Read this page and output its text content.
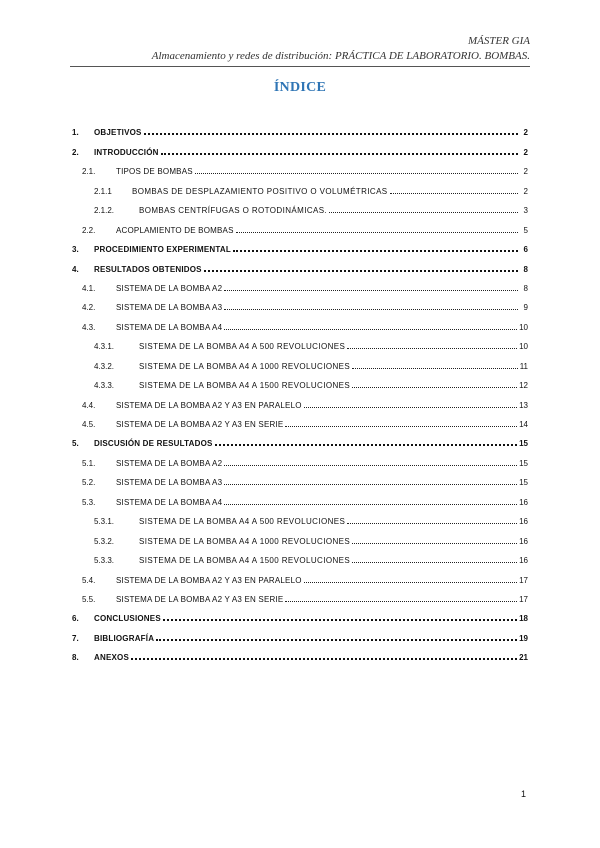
MÁSTER GIA
Almacenamiento y redes de distribución: PRÁCTICA DE LABORATORIO. BOMBAS.
ÍNDICE
1.	OBJETIVOS	2
2.	INTRODUCCIÓN	2
2.1.	TIPOS DE BOMBAS	2
2.1.1	BOMBAS DE DESPLAZAMIENTO POSITIVO O VOLUMÉTRICAS	2
2.1.2.	BOMBAS CENTRÍFUGAS O ROTODINÁMICAS.	3
2.2.	ACOPLAMIENTO DE BOMBAS	5
3.	PROCEDIMIENTO EXPERIMENTAL	6
4.	RESULTADOS OBTENIDOS	8
4.1.	SISTEMA DE LA BOMBA A2	8
4.2.	SISTEMA DE LA BOMBA A3	9
4.3.	SISTEMA DE LA BOMBA A4	10
4.3.1.	SISTEMA DE LA BOMBA A4 A 500 REVOLUCIONES	10
4.3.2.	SISTEMA DE LA BOMBA A4 A 1000 REVOLUCIONES	11
4.3.3.	SISTEMA DE LA BOMBA A4 A 1500 REVOLUCIONES	12
4.4.	SISTEMA DE LA BOMBA A2 Y A3 EN PARALELO	13
4.5.	SISTEMA DE LA BOMBA A2 Y A3 EN SERIE	14
5.	DISCUSIÓN DE RESULTADOS	15
5.1.	SISTEMA DE LA BOMBA A2	15
5.2.	SISTEMA DE LA BOMBA A3	15
5.3.	SISTEMA DE LA BOMBA A4	16
5.3.1.	SISTEMA DE LA BOMBA A4 A 500 REVOLUCIONES	16
5.3.2.	SISTEMA DE LA BOMBA A4 A 1000 REVOLUCIONES	16
5.3.3.	SISTEMA DE LA BOMBA A4 A 1500 REVOLUCIONES	16
5.4.	SISTEMA DE LA BOMBA A2 Y A3 EN PARALELO	17
5.5.	SISTEMA DE LA BOMBA A2 Y A3 EN SERIE	17
6.	CONCLUSIONES	18
7.	BIBLIOGRAFÍA	19
8.	ANEXOS	21
1
